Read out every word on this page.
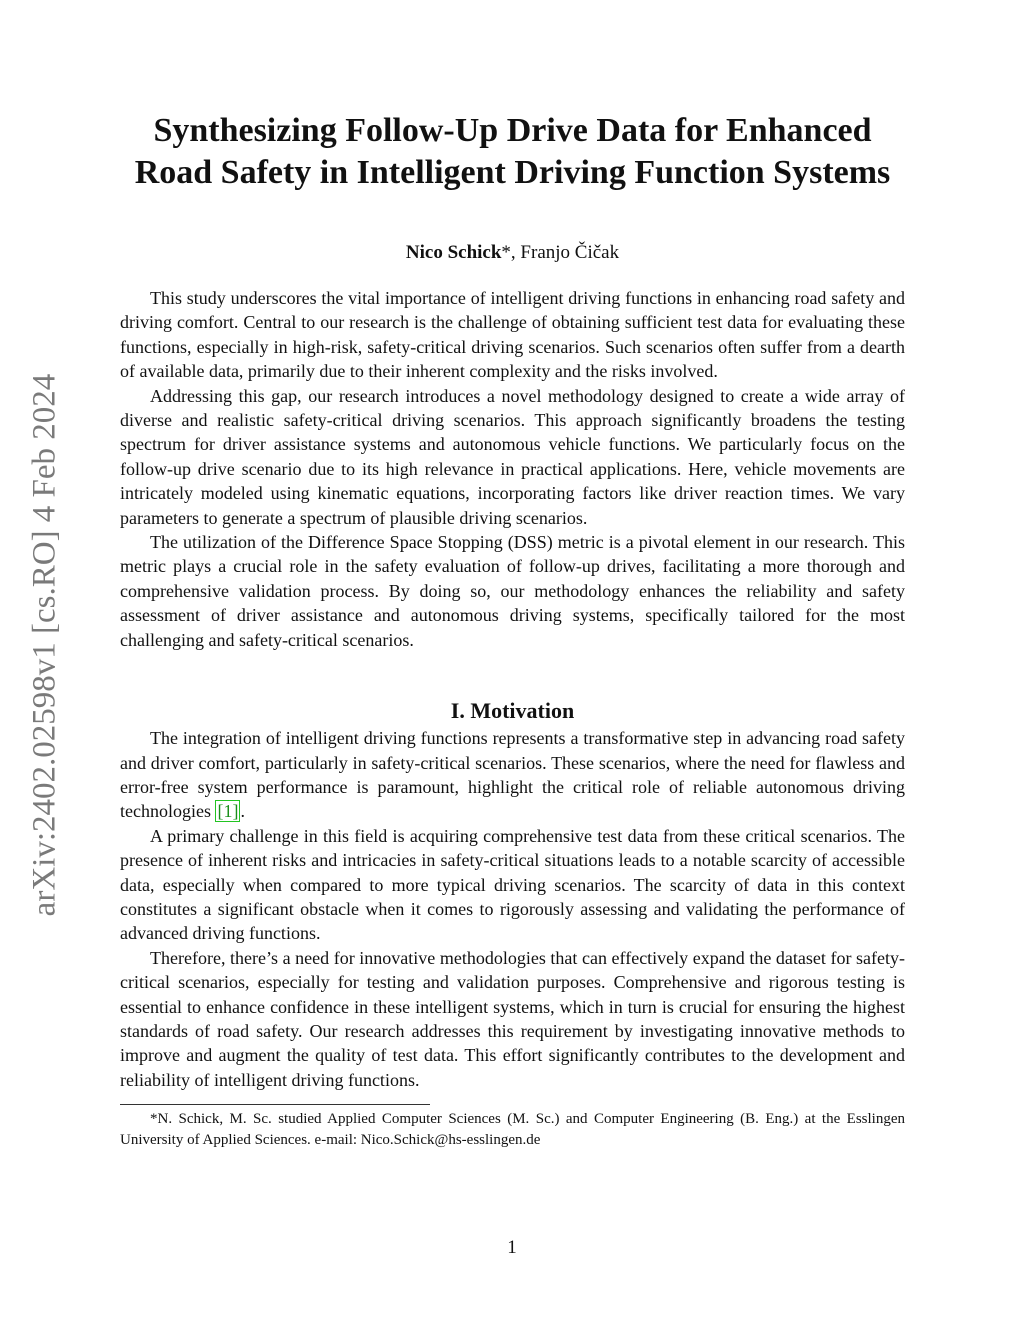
arXiv:2402.02598v1 [cs.RO] 4 Feb 2024
Synthesizing Follow-Up Drive Data for Enhanced
Road Safety in Intelligent Driving Function Systems
Nico Schick*, Franjo Čičak

This study underscores the vital importance of intelligent driving functions in enhancing road safety and driving comfort. Central to our research is the challenge of obtaining sufficient test data for evaluating these functions, especially in high-risk, safety-critical driving scenarios. Such scenarios often suffer from a dearth of available data, primarily due to their inherent complexity and the risks involved.

Addressing this gap, our research introduces a novel methodology designed to create a wide array of diverse and realistic safety-critical driving scenarios. This approach significantly broadens the testing spectrum for driver assistance systems and autonomous vehicle functions. We particularly focus on the follow-up drive scenario due to its high relevance in practical applications. Here, vehicle movements are intricately modeled using kinematic equations, incorporating factors like driver reaction times. We vary parameters to generate a spectrum of plausible driving scenarios.

The utilization of the Difference Space Stopping (DSS) metric is a pivotal element in our research. This metric plays a crucial role in the safety evaluation of follow-up drives, facilitating a more thorough and comprehensive validation process. By doing so, our methodology enhances the reliability and safety assessment of driver assistance and autonomous driving systems, specifically tailored for the most challenging and safety-critical scenarios.

I. Motivation

The integration of intelligent driving functions represents a transformative step in advancing road safety and driver comfort, particularly in safety-critical scenarios. These scenarios, where the need for flawless and error-free system performance is paramount, highlight the critical role of reliable autonomous driving technologies [1] .

A primary challenge in this field is acquiring comprehensive test data from these critical scenarios. The presence of inherent risks and intricacies in safety-critical situations leads to a notable scarcity of accessible data, especially when compared to more typical driving scenarios. The scarcity of data in this context constitutes a significant obstacle when it comes to rigorously assessing and validating the performance of advanced driving functions.

Therefore, there’s a need for innovative methodologies that can effectively expand the dataset for safety-critical scenarios, especially for testing and validation purposes. Comprehensive and rigorous testing is essential to enhance confidence in these intelligent systems, which in turn is crucial for ensuring the highest standards of road safety. Our research addresses this requirement by investigating innovative methods to improve and augment the quality of test data. This effort significantly contributes to the development and reliability of intelligent driving functions.

*N. Schick, M. Sc. studied Applied Computer Sciences (M. Sc.) and Computer Engineering (B. Eng.) at the Esslingen University of Applied Sciences. e-mail: Nico.Schick@hs-esslingen.de

1
